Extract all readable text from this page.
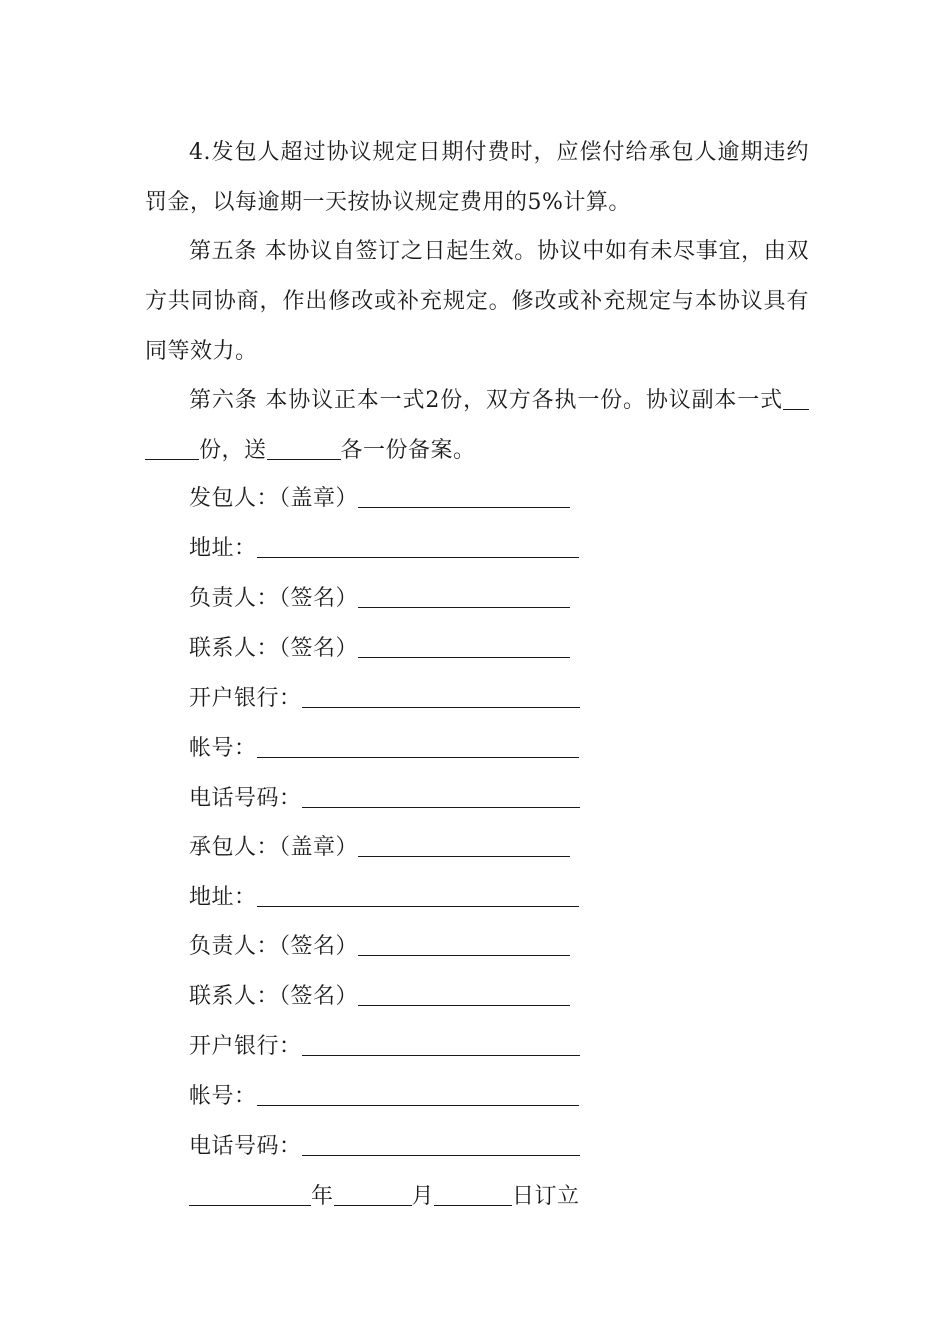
4.发包人超过协议规定日期付费时，应偿付给承包人逾期违约罚金，以每逾期一天按协议规定费用的5%计算。

第五条 本协议自签订之日起生效。协议中如有未尽事宜，由双方共同协商，作出修改或补充规定。修改或补充规定与本协议具有同等效力。

第六条 本协议正本一式2份，双方各执一份。协议副本一式份，送	各一份备案。

发包人：（盖章）
地址：
负责人：（签名）
联系人：（签名）
开户银行：
帐号：
电话号码：
承包人：（盖章）
地址：
负责人：（签名）
联系人：（签名）
开户银行：
帐号：
电话号码：
年	月	日订立
